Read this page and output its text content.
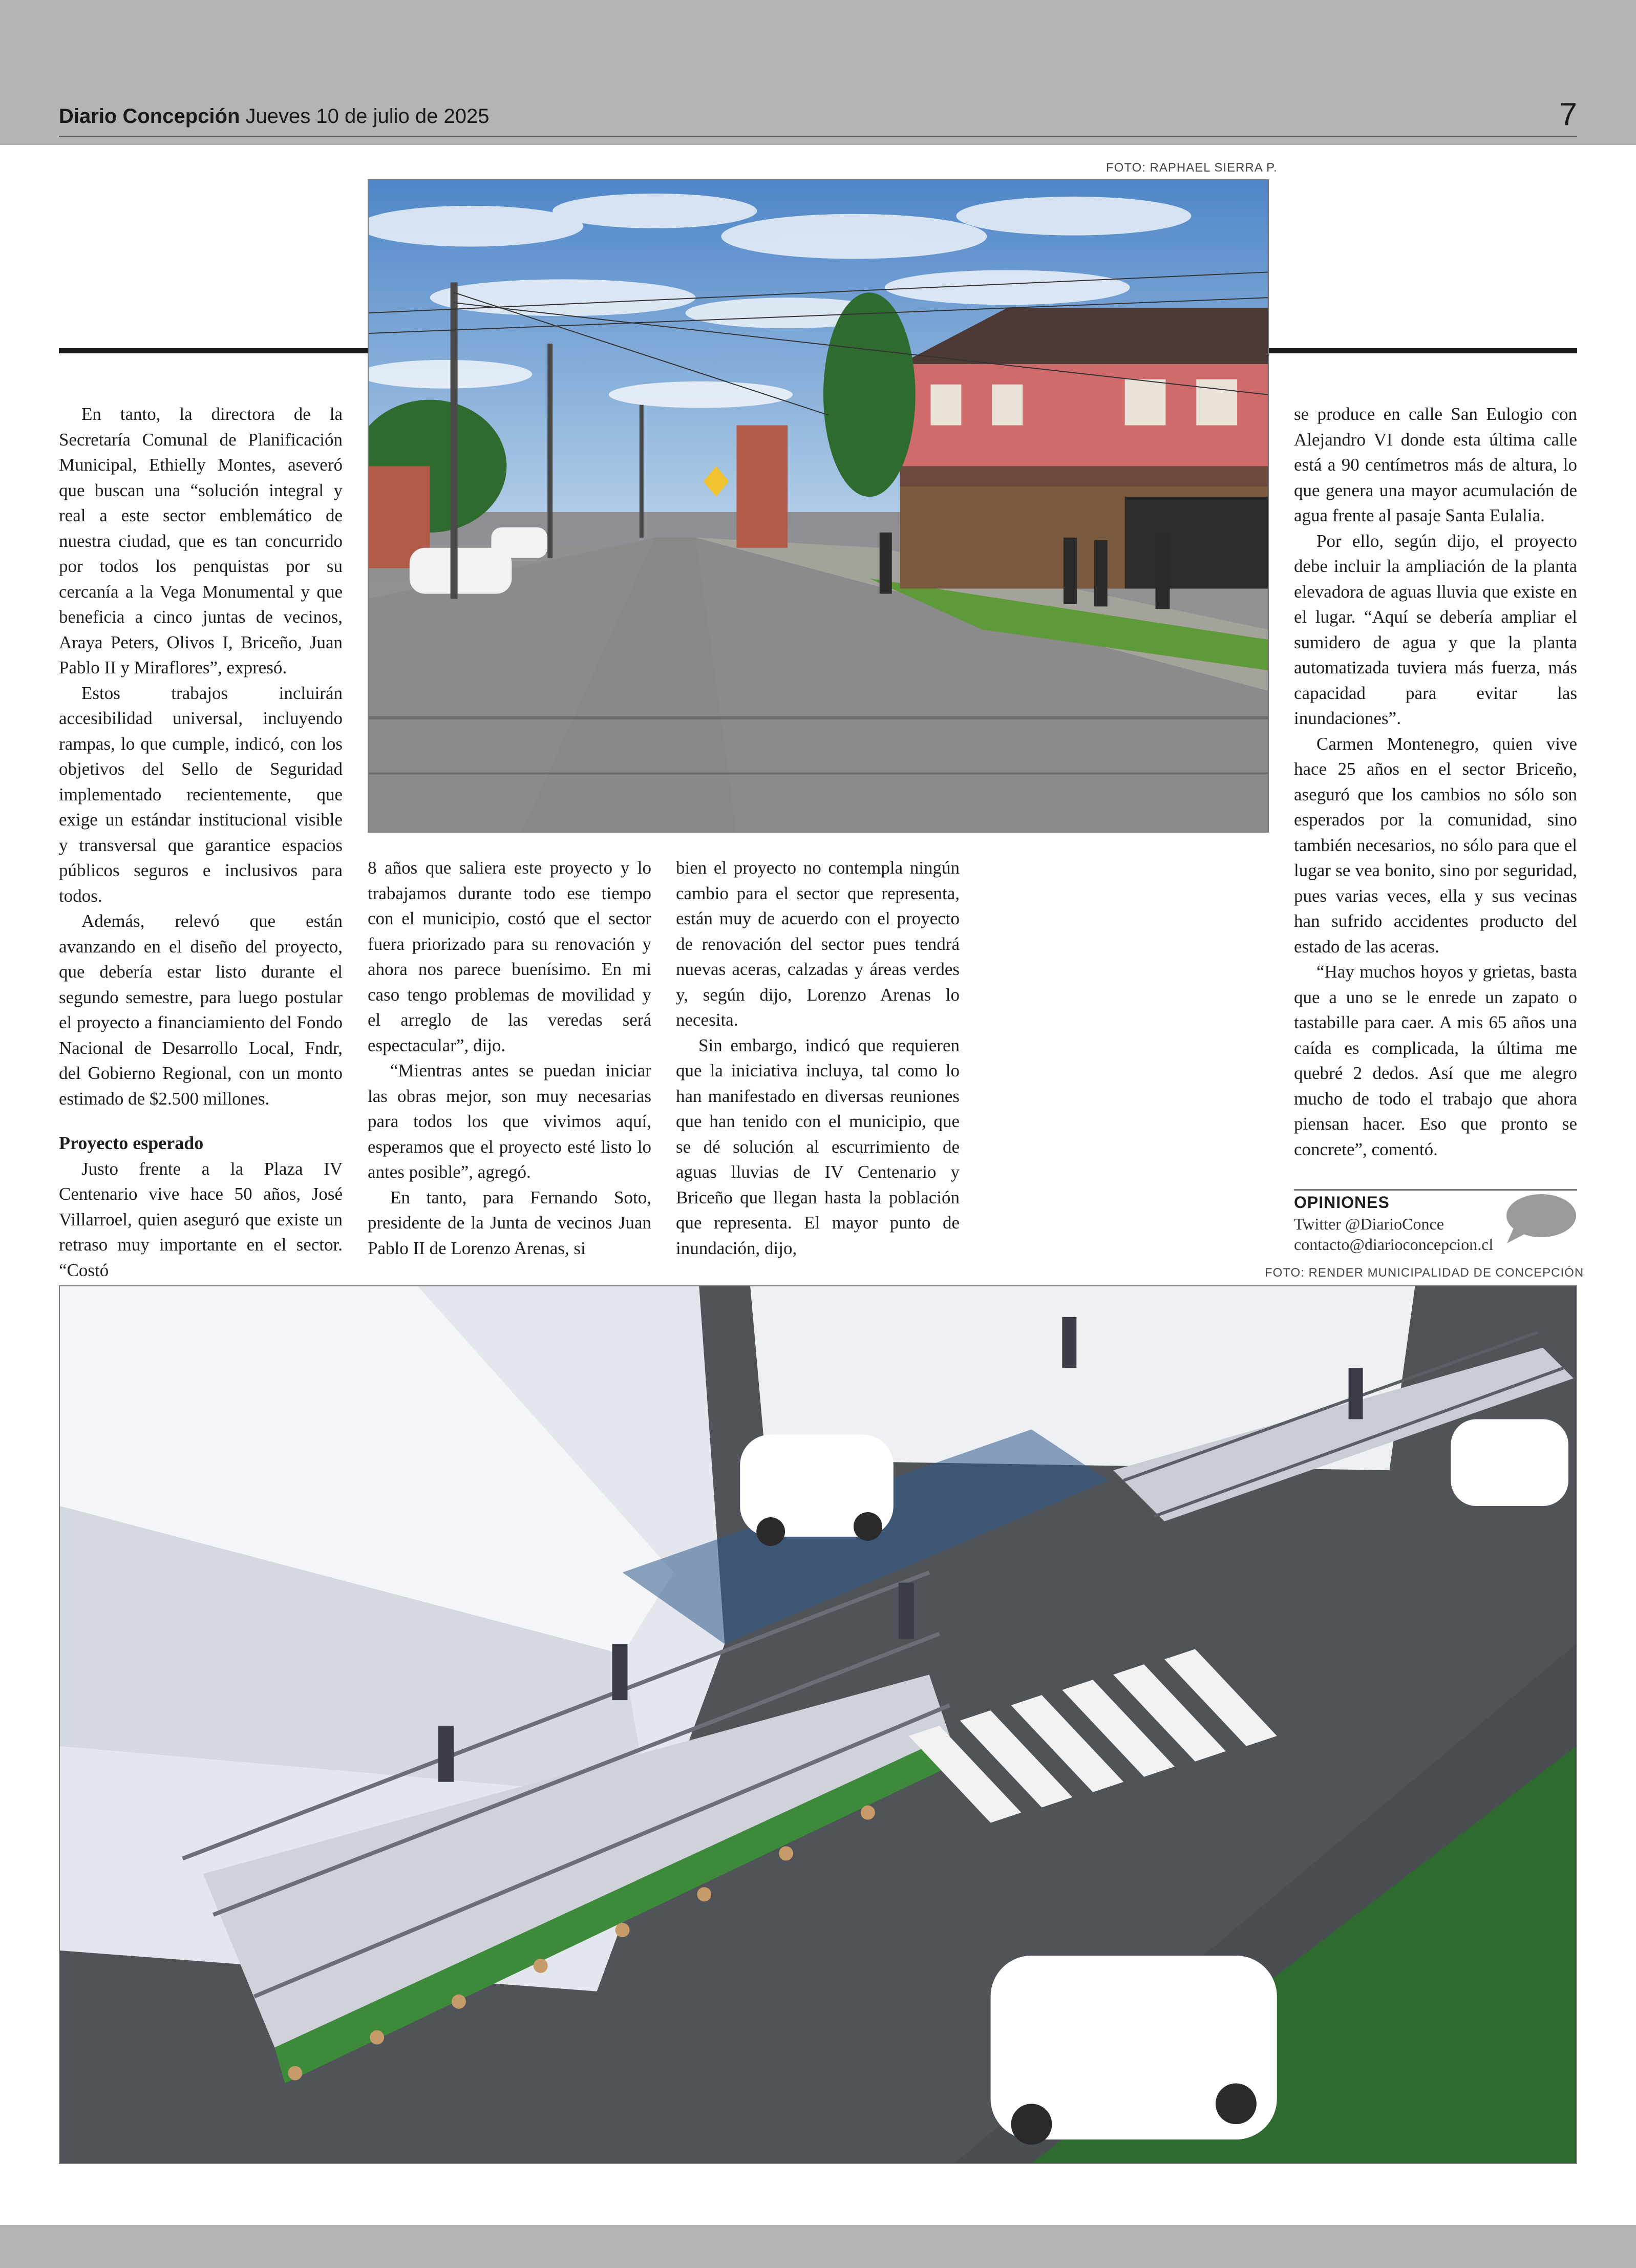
Diario Concepción Jueves 10 de julio de 2025	7
FOTO: RAPHAEL SIERRA P.

En tanto, la directora de la Secretaría Comunal de Planificación Municipal, Ethielly Montes, aseveró que buscan una “solución integral y real a este sector emblemático de nuestra ciudad, que es tan concurrido por todos los penquistas por su cercanía a la Vega Monumental y que beneficia a cinco juntas de vecinos, Araya Peters, Olivos I, Briceño, Juan Pablo II y Miraflores”, expresó.

Estos trabajos incluirán accesibilidad universal, incluyendo rampas, lo que cumple, indicó, con los objetivos del Sello de Seguridad implementado recientemente, que exige un estándar institucional visible y transversal que garantice espacios públicos seguros e inclusivos para todos.

Además, relevó que están avanzando en el diseño del proyecto, que debería estar listo durante el segundo semestre, para luego postular el proyecto a financiamiento del Fondo Nacional de Desarrollo Local, Fndr, del Gobierno Regional, con un monto estimado de $2.500 millones.

Proyecto esperado

Justo frente a la Plaza IV Centenario vive hace 50 años, José Villarroel, quien aseguró que existe un retraso muy importante en el sector. “Costó

8 años que saliera este proyecto y lo trabajamos durante todo ese tiempo con el municipio, costó que el sector fuera priorizado para su renovación y ahora nos parece buenísimo. En mi caso tengo problemas de movilidad y el arreglo de las veredas será espectacular”, dijo.

“Mientras antes se puedan iniciar las obras mejor, son muy necesarias para todos los que vivimos aquí, esperamos que el proyecto esté listo lo antes posible”, agregó.

En tanto, para Fernando Soto, presidente de la Junta de vecinos Juan Pablo II de Lorenzo Arenas, si

bien el proyecto no contempla ningún cambio para el sector que representa, están muy de acuerdo con el proyecto de renovación del sector pues tendrá nuevas aceras, calzadas y áreas verdes y, según dijo, Lorenzo Arenas lo necesita.

Sin embargo, indicó que requieren que la iniciativa incluya, tal como lo han manifestado en diversas reuniones que han tenido con el municipio, que se dé solución al escurrimiento de aguas lluvias de IV Centenario y Briceño que llegan hasta la población que representa. El mayor punto de inundación, dijo,

se produce en calle San Eulogio con Alejandro VI donde esta última calle está a 90 centímetros más de altura, lo que genera una mayor acumulación de agua frente al pasaje Santa Eulalia.

Por ello, según dijo, el proyecto debe incluir la ampliación de la planta elevadora de aguas lluvia que existe en el lugar. “Aquí se debería ampliar el sumidero de agua y que la planta automatizada tuviera más fuerza, más capacidad para evitar las inundaciones”.

Carmen Montenegro, quien vive hace 25 años en el sector Briceño, aseguró que los cambios no sólo son esperados por la comunidad, sino también necesarios, no sólo para que el lugar se vea bonito, sino por seguridad, pues varias veces, ella y sus vecinas han sufrido accidentes producto del estado de las aceras.

“Hay muchos hoyos y grietas, basta que a uno se le enrede un zapato o tastabille para caer. A mis 65 años una caída es complicada, la última me quebré 2 dedos. Así que me alegro mucho de todo el trabajo que ahora piensan hacer. Eso que pronto se concrete”, comentó.

OPINIONES
Twitter @DiarioConce
contacto@diarioconcepcion.cl
FOTO: RENDER MUNICIPALIDAD DE CONCEPCIÓN
